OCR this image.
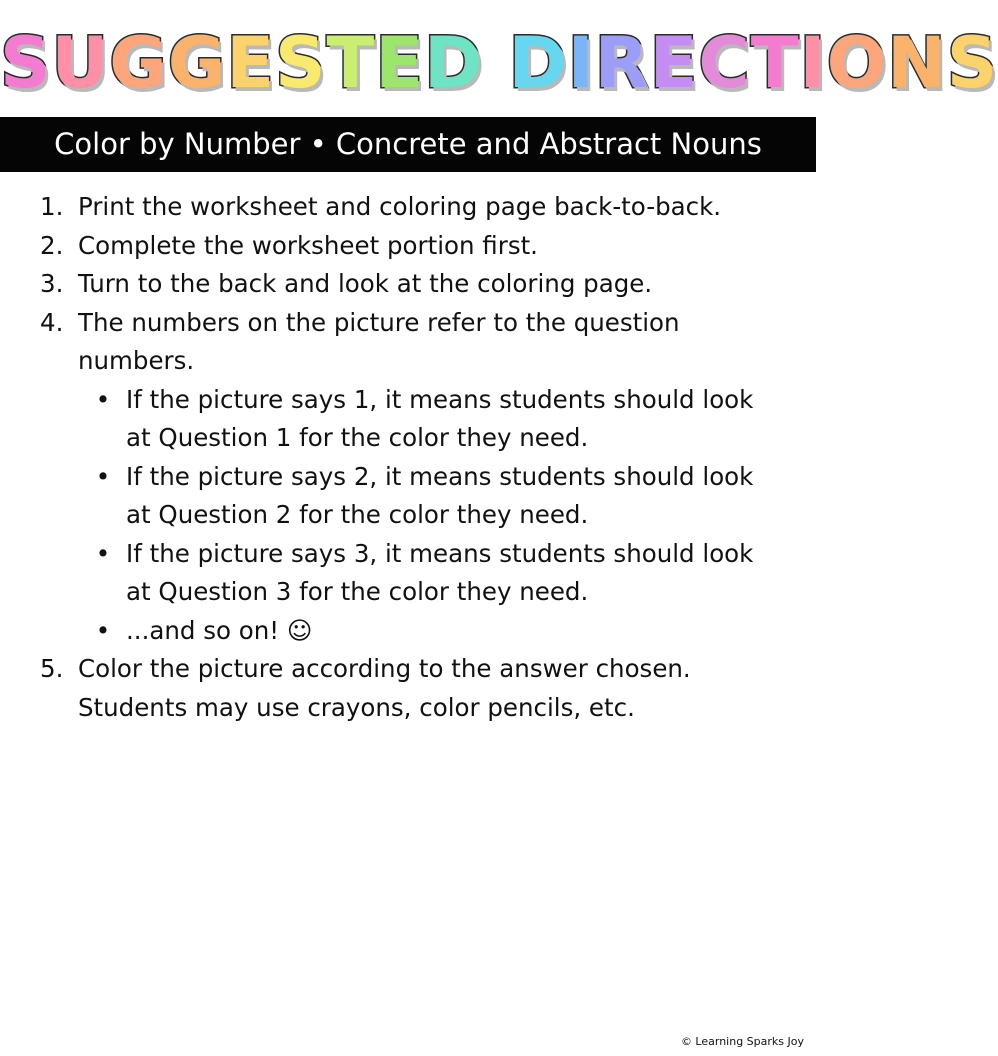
SUGGESTED DIRECTIONS
Color by Number • Concrete and Abstract Nouns
1. Print the worksheet and coloring page back-to-back.
2. Complete the worksheet portion first.
3. Turn to the back and look at the coloring page.
4. The numbers on the picture refer to the question numbers.
• If the picture says 1, it means students should look at Question 1 for the color they need.
• If the picture says 2, it means students should look at Question 2 for the color they need.
• If the picture says 3, it means students should look at Question 3 for the color they need.
• ...and so on! ☺
5. Color the picture according to the answer chosen. Students may use crayons, color pencils, etc.
© Learning Sparks Joy
